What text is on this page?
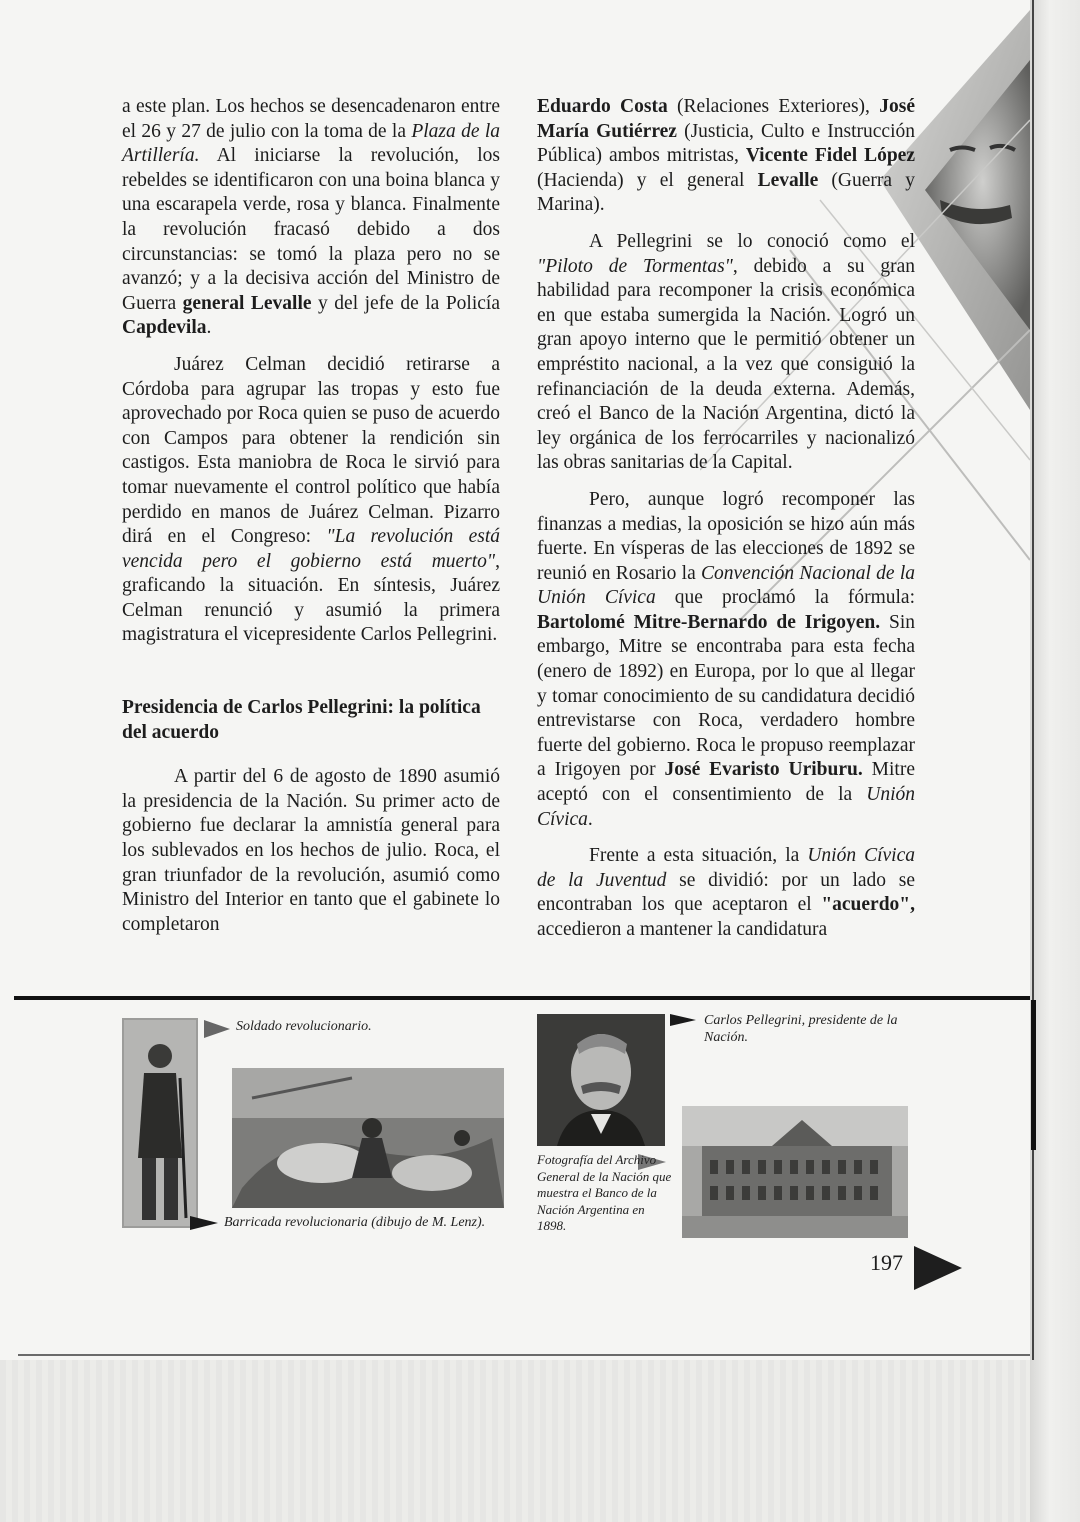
a este plan. Los hechos se desencadenaron entre el 26 y 27 de julio con la toma de la Plaza de la Artillería. Al iniciarse la revolución, los rebeldes se identificaron con una boina blanca y una escarapela verde, rosa y blanca. Finalmente la revolución fracasó debido a dos circunstancias: se tomó la plaza pero no se avanzó; y a la decisiva acción del Ministro de Guerra general Levalle y del jefe de la Policía Capdevila.

Juárez Celman decidió retirarse a Córdoba para agrupar las tropas y esto fue aprovechado por Roca quien se puso de acuerdo con Campos para obtener la rendición sin castigos. Esta maniobra de Roca le sirvió para tomar nuevamente el control político que había perdido en manos de Juárez Celman. Pizarro dirá en el Congreso: "La revolución está vencida pero el gobierno está muerto", graficando la situación. En síntesis, Juárez Celman renunció y asumió la primera magistratura el vicepresidente Carlos Pellegrini.

Presidencia de Carlos Pellegrini: la política del acuerdo

A partir del 6 de agosto de 1890 asumió la presidencia de la Nación. Su primer acto de gobierno fue declarar la amnistía general para los sublevados en los hechos de julio. Roca, el gran triunfador de la revolución, asumió como Ministro del Interior en tanto que el gabinete lo completaron

Eduardo Costa (Relaciones Exteriores), José María Gutiérrez (Justicia, Culto e Instrucción Pública) ambos mitristas, Vicente Fidel López (Hacienda) y el general Levalle (Guerra y Marina).

A Pellegrini se lo conoció como el "Piloto de Tormentas", debido a su gran habilidad para recomponer la crisis económica en que estaba sumergida la Nación. Logró un gran apoyo interno que le permitió obtener un empréstito nacional, a la vez que consiguió la refinanciación de la deuda externa. Además, creó el Banco de la Nación Argentina, dictó la ley orgánica de los ferrocarriles y nacionalizó las obras sanitarias de la Capital.

Pero, aunque logró recomponer las finanzas a medias, la oposición se hizo aún más fuerte. En vísperas de las elecciones de 1892 se reunió en Rosario la Convención Nacional de la Unión Cívica que proclamó la fórmula: Bartolomé Mitre-Bernardo de Irigoyen. Sin embargo, Mitre se encontraba para esta fecha (enero de 1892) en Europa, por lo que al llegar y tomar conocimiento de su candidatura decidió entrevistarse con Roca, verdadero hombre fuerte del gobierno. Roca le propuso reemplazar a Irigoyen por José Evaristo Uriburu. Mitre aceptó con el consentimiento de la Unión Cívica.

Frente a esta situación, la Unión Cívica de la Juventud se dividió: por un lado se encontraban los que aceptaron el "acuerdo", accedieron a mantener la candidatura

Soldado revolucionario.
Barricada revolucionaria (dibujo de M. Lenz).
Carlos Pellegrini, presidente de la Nación.
Fotografía del Archivo General de la Nación que muestra el Banco de la Nación Argentina en 1898.
197
